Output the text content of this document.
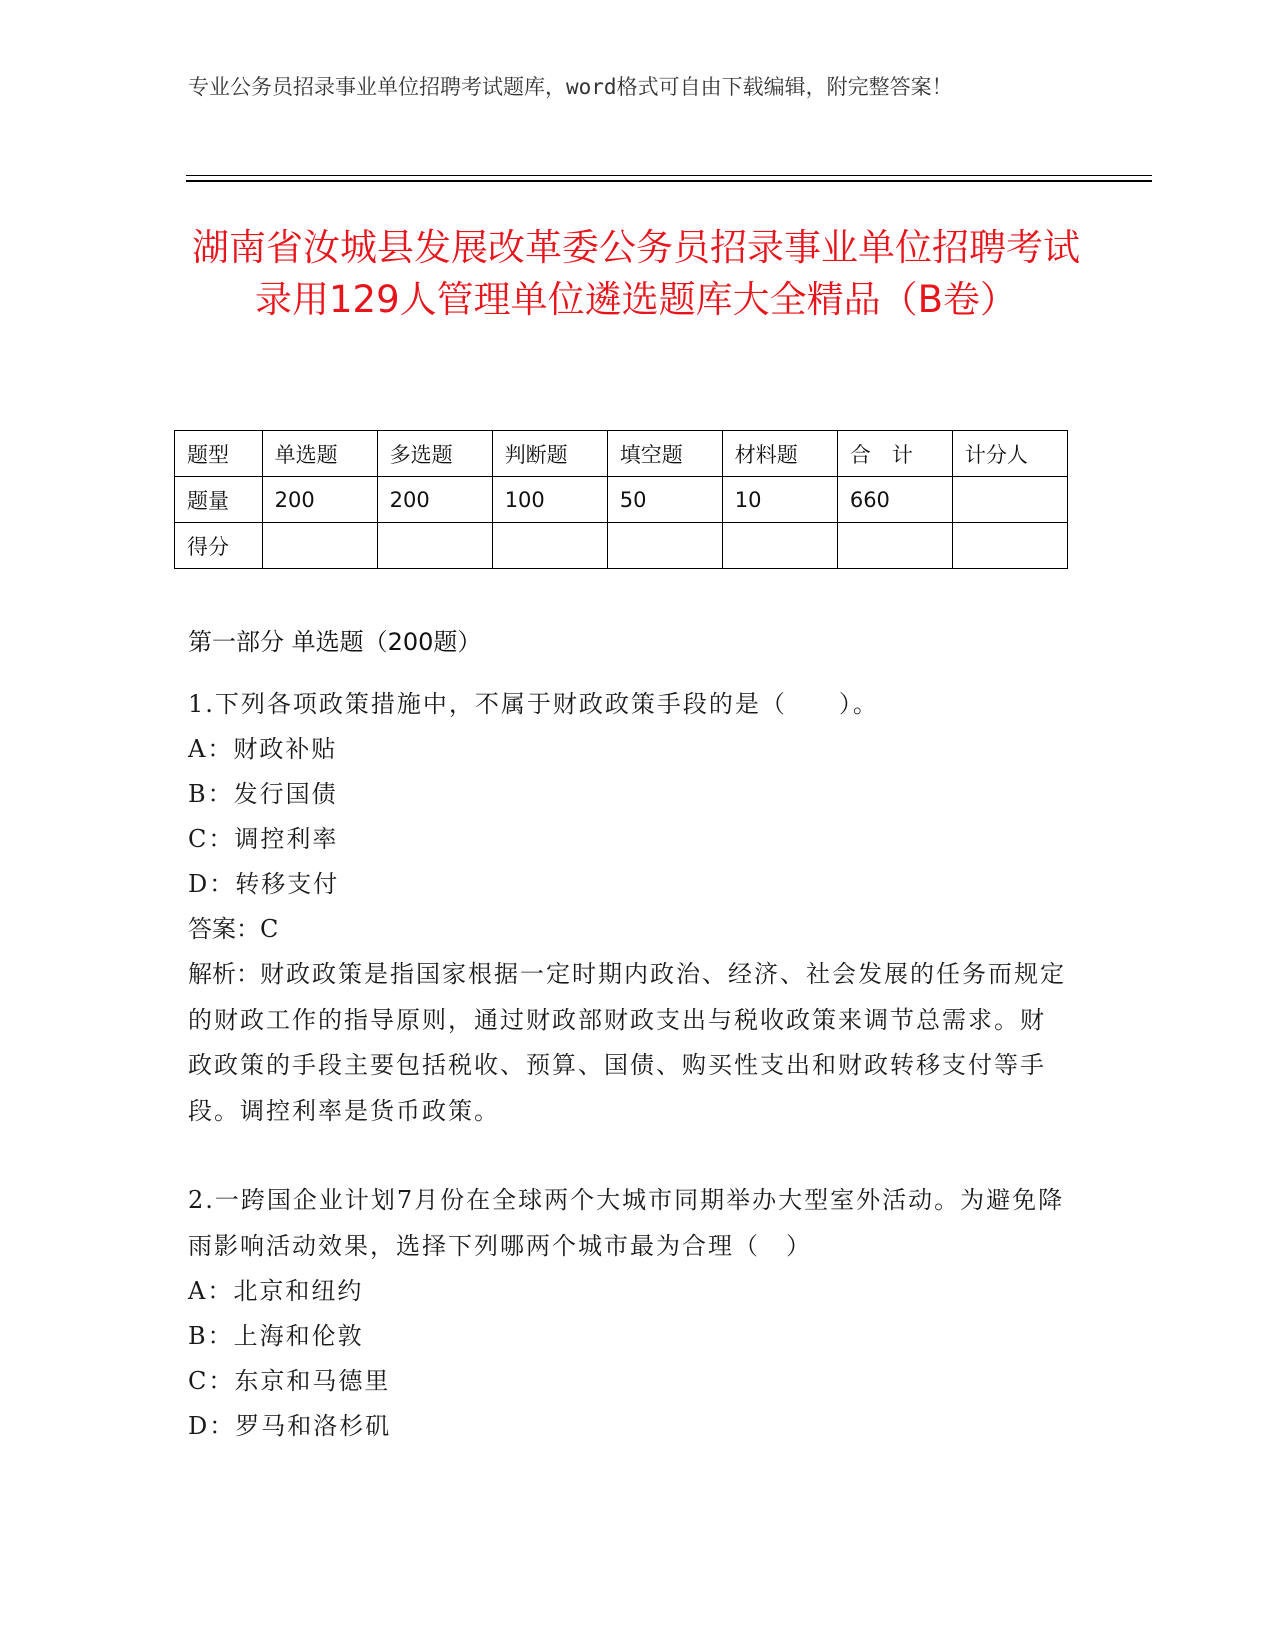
专业公务员招录事业单位招聘考试题库，word格式可自由下载编辑，附完整答案！
湖南省汝城县发展改革委公务员招录事业单位招聘考试录用129人管理单位遴选题库大全精品（B卷）
题型	单选题	多选题	判断题	填空题	材料题	合　计	计分人
题量	200	200	100	50	10	660	
得分							
第一部分 单选题（200题）
1.下列各项政策措施中，不属于财政政策手段的是（　　）。
A：财政补贴
B：发行国债
C：调控利率
D：转移支付
答案：C
解析：财政政策是指国家根据一定时期内政治、经济、社会发展的任务而规定的财政工作的指导原则，通过财政部财政支出与税收政策来调节总需求。财政政策的手段主要包括税收、预算、国债、购买性支出和财政转移支付等手段。调控利率是货币政策。
2.一跨国企业计划7月份在全球两个大城市同期举办大型室外活动。为避免降雨影响活动效果，选择下列哪两个城市最为合理（　）
A：北京和纽约
B：上海和伦敦
C：东京和马德里
D：罗马和洛杉矶
